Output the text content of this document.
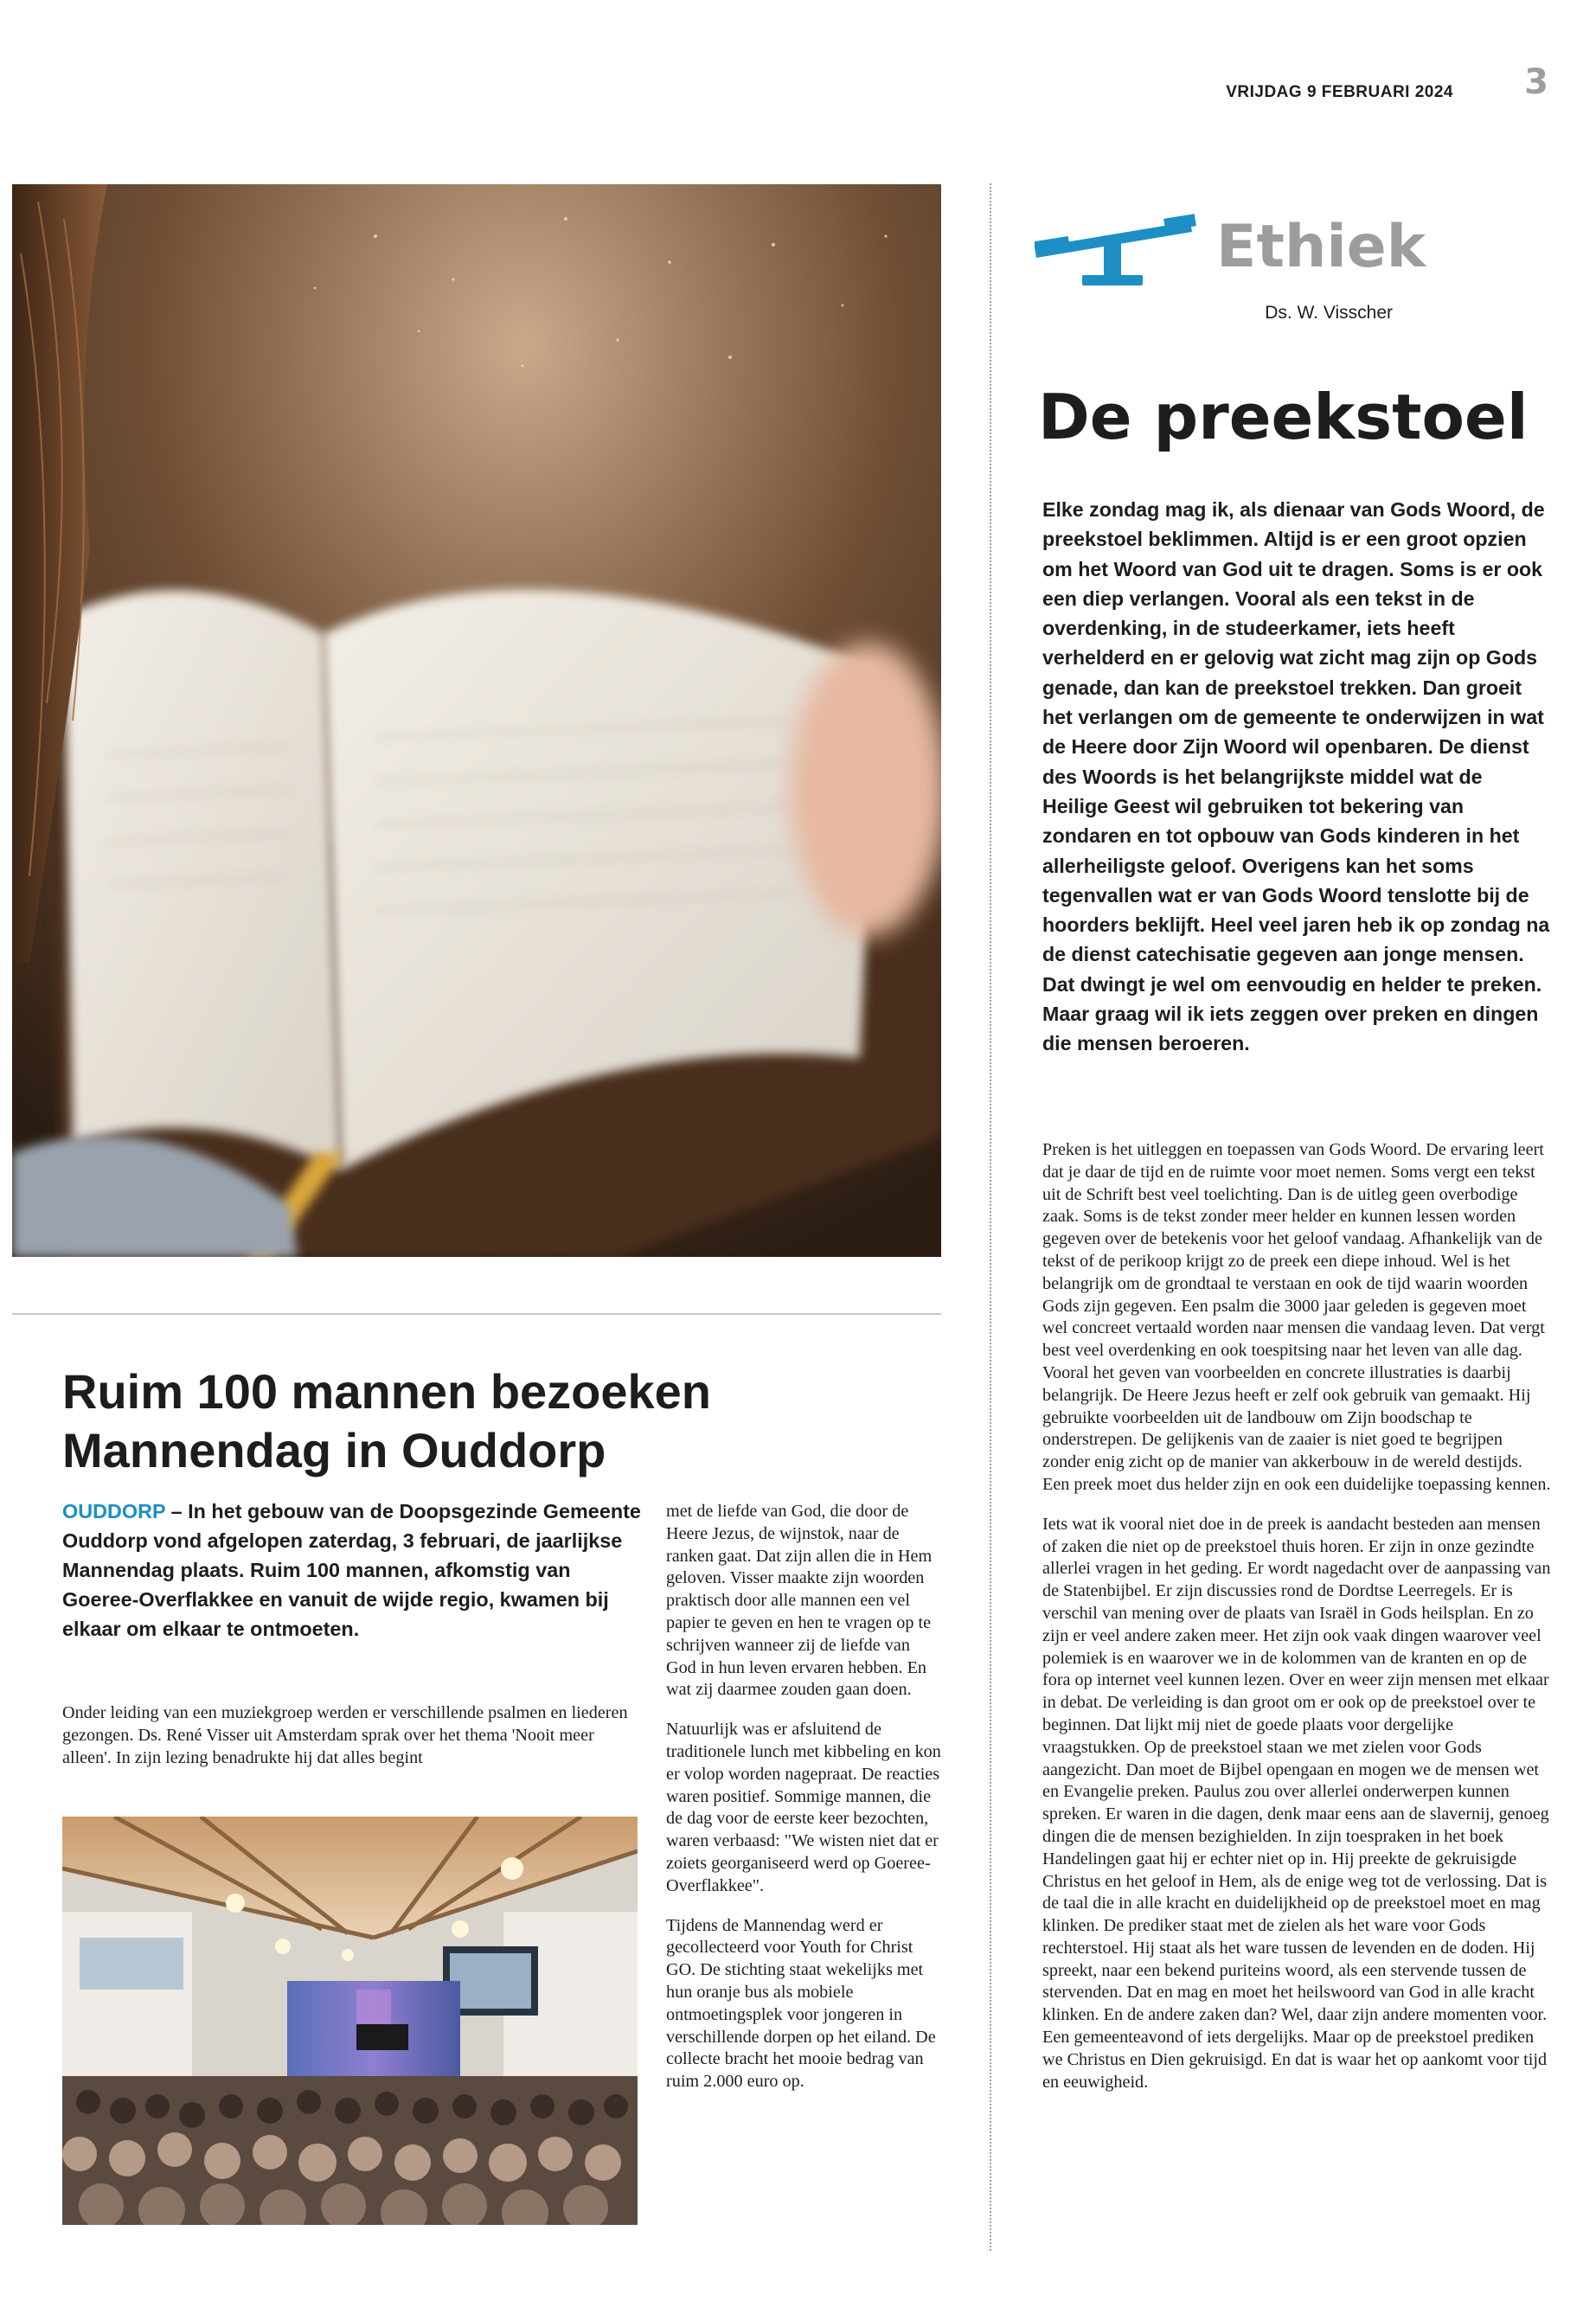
VRIJDAG 9 FEBRUARI 2024 3
Ruim 100 mannen bezoeken
Mannendag in Ouddorp
OUDDORP – In het gebouw van de Doopsgezinde Gemeente Ouddorp vond afgelopen zaterdag, 3 februari, de jaarlijkse Mannendag plaats. Ruim 100 mannen, afkomstig van Goeree-Overflakkee en vanuit de wijde regio, kwamen bij elkaar om elkaar te ontmoeten.

Onder leiding van een muziekgroep werden er verschillende psalmen en liederen gezongen. Ds. René Visser uit Amsterdam sprak over het thema 'Nooit meer alleen'. In zijn lezing benadrukte hij dat alles begint

met de liefde van God, die door de Heere Jezus, de wijnstok, naar de ranken gaat. Dat zijn allen die in Hem geloven. Visser maakte zijn woorden praktisch door alle mannen een vel papier te geven en hen te vragen op te schrijven wanneer zij de liefde van God in hun leven ervaren hebben. En wat zij daarmee zouden gaan doen.

Natuurlijk was er afsluitend de traditionele lunch met kibbeling en kon er volop worden nagepraat. De reacties waren positief. Sommige mannen, die de dag voor de eerste keer bezochten, waren verbaasd: "We wisten niet dat er zoiets georganiseerd werd op Goeree-Overflakkee".

Tijdens de Mannendag werd er gecollecteerd voor Youth for Christ GO. De stichting staat wekelijks met hun oranje bus als mobiele ontmoetingsplek voor jongeren in verschillende dorpen op het eiland. De collecte bracht het mooie bedrag van ruim 2.000 euro op.

Ethiek
Ds. W. Visscher
De preekstoel
Elke zondag mag ik, als dienaar van Gods Woord, de preekstoel beklimmen. Altijd is er een groot opzien om het Woord van God uit te dragen. Soms is er ook een diep verlangen. Vooral als een tekst in de overdenking, in de studeerkamer, iets heeft verhelderd en er gelovig wat zicht mag zijn op Gods genade, dan kan de preekstoel trekken. Dan groeit het verlangen om de gemeente te onderwijzen in wat de Heere door Zijn Woord wil openbaren. De dienst des Woords is het belangrijkste middel wat de Heilige Geest wil gebruiken tot bekering van zondaren en tot opbouw van Gods kinderen in het allerheiligste geloof. Overigens kan het soms tegenvallen wat er van Gods Woord tenslotte bij de hoorders beklijft. Heel veel jaren heb ik op zondag na de dienst catechisatie gegeven aan jonge mensen. Dat dwingt je wel om eenvoudig en helder te preken. Maar graag wil ik iets zeggen over preken en dingen die mensen beroeren.

Preken is het uitleggen en toepassen van Gods Woord. De ervaring leert dat je daar de tijd en de ruimte voor moet nemen. Soms vergt een tekst uit de Schrift best veel toelichting. Dan is de uitleg geen overbodige zaak. Soms is de tekst zonder meer helder en kunnen lessen worden gegeven over de betekenis voor het geloof vandaag. Afhankelijk van de tekst of de perikoop krijgt zo de preek een diepe inhoud. Wel is het belangrijk om de grondtaal te verstaan en ook de tijd waarin woorden Gods zijn gegeven. Een psalm die 3000 jaar geleden is gegeven moet wel concreet vertaald worden naar mensen die vandaag leven. Dat vergt best veel overdenking en ook toespitsing naar het leven van alle dag. Vooral het geven van voorbeelden en concrete illustraties is daarbij belangrijk. De Heere Jezus heeft er zelf ook gebruik van gemaakt. Hij gebruikte voorbeelden uit de landbouw om Zijn boodschap te onderstrepen. De gelijkenis van de zaaier is niet goed te begrijpen zonder enig zicht op de manier van akkerbouw in de wereld destijds. Een preek moet dus helder zijn en ook een duidelijke toepassing kennen.

Iets wat ik vooral niet doe in de preek is aandacht besteden aan mensen of zaken die niet op de preekstoel thuis horen. Er zijn in onze gezindte allerlei vragen in het geding. Er wordt nagedacht over de aanpassing van de Statenbijbel. Er zijn discussies rond de Dordtse Leerregels. Er is verschil van mening over de plaats van Israël in Gods heilsplan. En zo zijn er veel andere zaken meer. Het zijn ook vaak dingen waarover veel polemiek is en waarover we in de kolommen van de kranten en op de fora op internet veel kunnen lezen. Over en weer zijn mensen met elkaar in debat. De verleiding is dan groot om er ook op de preekstoel over te beginnen. Dat lijkt mij niet de goede plaats voor dergelijke vraagstukken. Op de preekstoel staan we met zielen voor Gods aangezicht. Dan moet de Bijbel opengaan en mogen we de mensen wet en Evangelie preken. Paulus zou over allerlei onderwerpen kunnen spreken. Er waren in die dagen, denk maar eens aan de slavernij, genoeg dingen die de mensen bezighielden. In zijn toespraken in het boek Handelingen gaat hij er echter niet op in. Hij preekte de gekruisigde Christus en het geloof in Hem, als de enige weg tot de verlossing. Dat is de taal die in alle kracht en duidelijkheid op de preekstoel moet en mag klinken. De prediker staat met de zielen als het ware voor Gods rechterstoel. Hij staat als het ware tussen de levenden en de doden. Hij spreekt, naar een bekend puriteins woord, als een stervende tussen de stervenden. Dat en mag en moet het heilswoord van God in alle kracht klinken. En de andere zaken dan? Wel, daar zijn andere momenten voor. Een gemeenteavond of iets dergelijks. Maar op de preekstoel prediken we Christus en Dien gekruisigd. En dat is waar het op aankomt voor tijd en eeuwigheid.
